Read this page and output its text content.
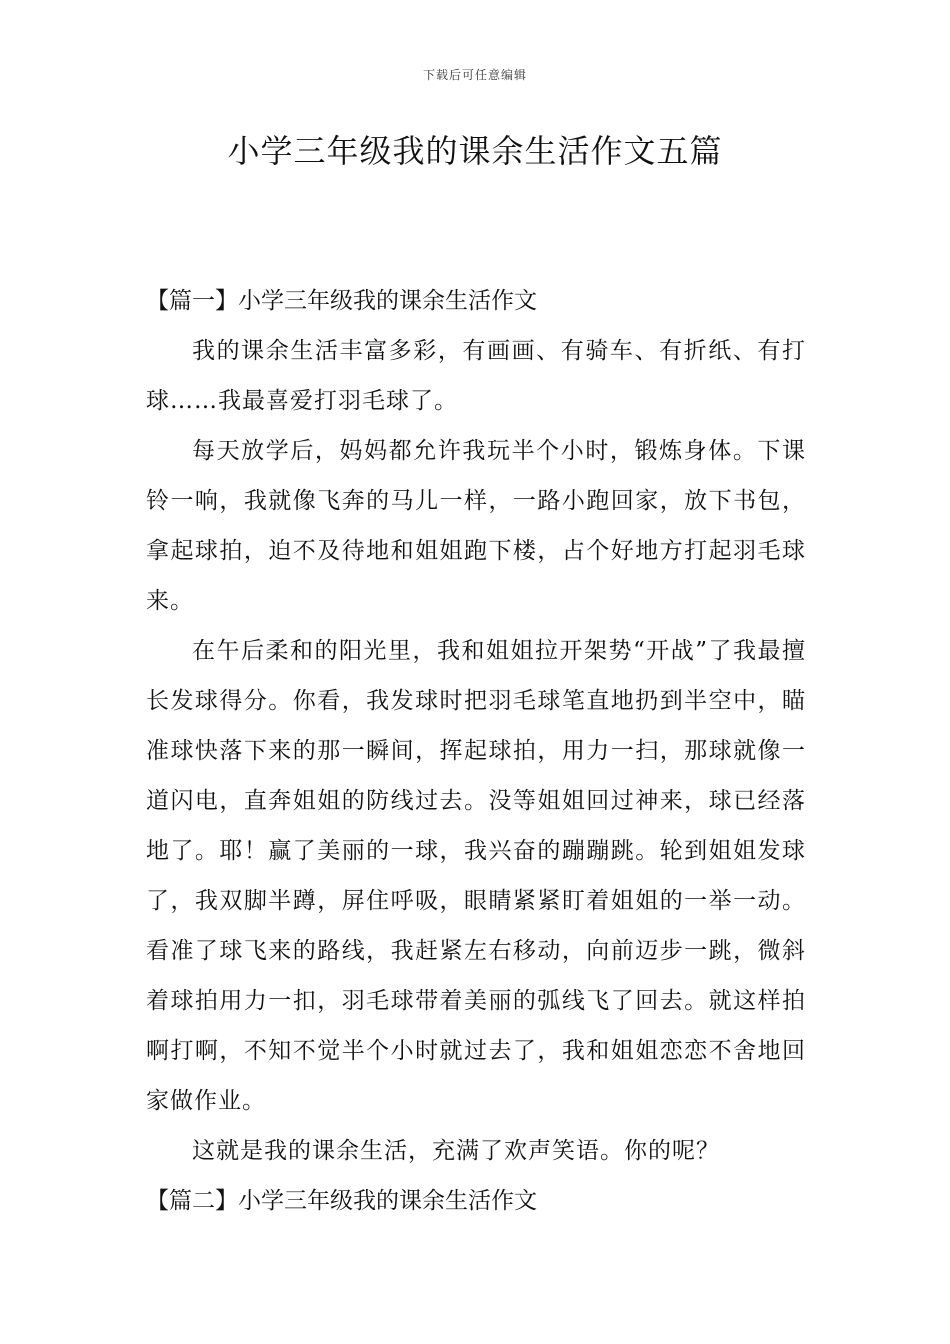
下载后可任意编辑
小学三年级我的课余生活作文五篇
【篇一】小学三年级我的课余生活作文

我的课余生活丰富多彩，有画画、有骑车、有折纸、有打球……我最喜爱打羽毛球了。

每天放学后，妈妈都允许我玩半个小时，锻炼身体。下课铃一响，我就像飞奔的马儿一样，一路小跑回家，放下书包，拿起球拍，迫不及待地和姐姐跑下楼，占个好地方打起羽毛球来。

在午后柔和的阳光里，我和姐姐拉开架势“开战”了我最擅长发球得分。你看，我发球时把羽毛球笔直地扔到半空中，瞄准球快落下来的那一瞬间，挥起球拍，用力一扫，那球就像一道闪电，直奔姐姐的防线过去。没等姐姐回过神来，球已经落地了。耶！赢了美丽的一球，我兴奋的蹦蹦跳。轮到姐姐发球了，我双脚半蹲，屏住呼吸，眼睛紧紧盯着姐姐的一举一动。看准了球飞来的路线，我赶紧左右移动，向前迈步一跳，微斜着球拍用力一扣，羽毛球带着美丽的弧线飞了回去。就这样拍啊打啊，不知不觉半个小时就过去了，我和姐姐恋恋不舍地回家做作业。

这就是我的课余生活，充满了欢声笑语。你的呢？

【篇二】小学三年级我的课余生活作文
